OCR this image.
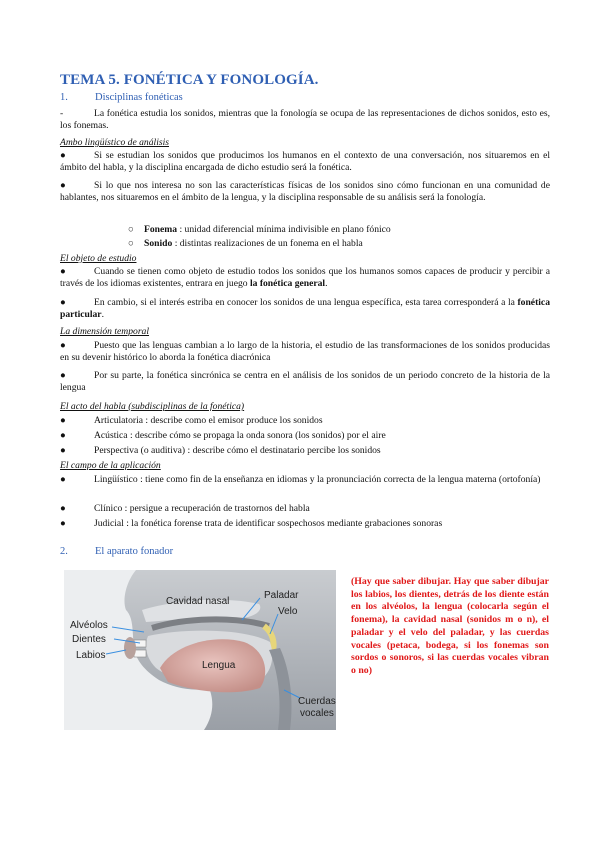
TEMA 5. FONÉTICA Y FONOLOGÍA.
1.	Disciplinas fonéticas
-	La fonética estudia los sonidos, mientras que la fonología se ocupa de las representaciones de dichos sonidos, esto es, los fonemas.
Ambo lingüístico de análisis
●	Si se estudian los sonidos que producimos los humanos en el contexto de una conversación, nos situaremos en el ámbito del habla, y la disciplina encargada de dicho estudio será la fonética.
●	Si lo que nos interesa no son las características físicas de los sonidos sino cómo funcionan en una comunidad de hablantes, nos situaremos en el ámbito de la lengua, y la disciplina responsable de su análisis será la fonología.
○ Fonema : unidad diferencial mínima indivisible en plano fónico
○ Sonido : distintas realizaciones de un fonema en el habla
El objeto de estudio
●	Cuando se tienen como objeto de estudio todos los sonidos que los humanos somos capaces de producir y percibir a través de los idiomas existentes, entrara en juego la fonética general.
●	En cambio, si el interés estriba en conocer los sonidos de una lengua específica, esta tarea corresponderá a la fonética particular.
La dimensión temporal
●	Puesto que las lenguas cambian a lo largo de la historia, el estudio de las transformaciones de los sonidos producidas en su devenir histórico lo aborda la fonética diacrónica
●	Por su parte, la fonética sincrónica se centra en el análisis de los sonidos de un periodo concreto de la historia de la lengua
El acto del habla (subdisciplinas de la fonética)
●	Articulatoria : describe como el emisor produce los sonidos
●	Acústica : describe cómo se propaga la onda sonora (los sonidos) por el aire
●	Perspectiva (o auditiva) : describe cómo el destinatario percibe los sonidos
El campo de la aplicación
●	Lingüístico : tiene como fin de la enseñanza en idiomas y la pronunciación correcta de la lengua materna (ortofonía)
●	Clínico : persigue a recuperación de trastornos del habla
●	Judicial : la fonética forense trata de identificar sospechosos mediante grabaciones sonoras
2.	El aparato fonador
Cavidad nasal
Paladar
Velo
Alvéolos
Dientes
Labios
Lengua
Cuerdas
vocales
(Hay que saber dibujar. Hay que saber dibujar los labios, los dientes, detrás de los diente están en los alvéolos, la lengua (colocarla según el fonema), la cavidad nasal (sonidos m o n), el paladar y el velo del paladar, y las cuerdas vocales (petaca, bodega, si los fonemas son sordos o sonoros, si las cuerdas vocales vibran o no)
